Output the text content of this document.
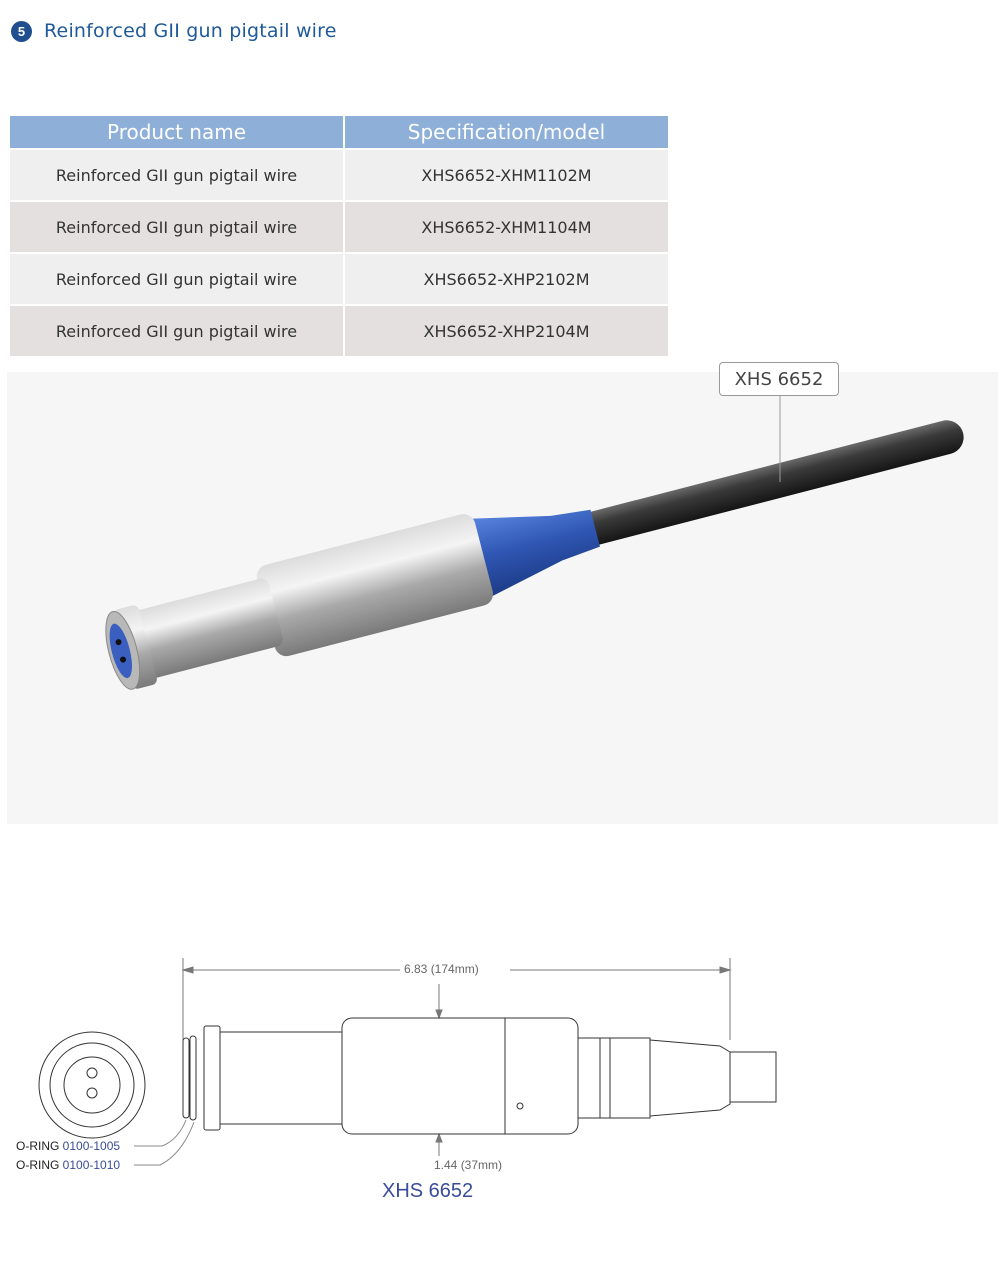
5 Reinforced GII gun pigtail wire
Product name	Specification/model
Reinforced GII gun pigtail wire	XHS6652-XHM1102M
Reinforced GII gun pigtail wire	XHS6652-XHM1104M
Reinforced GII gun pigtail wire	XHS6652-XHP2102M
Reinforced GII gun pigtail wire	XHS6652-XHP2104M
XHS 6652
6.83 (174mm)
1.44 (37mm)
O-RING 0100-1005
O-RING 0100-1010
XHS 6652
